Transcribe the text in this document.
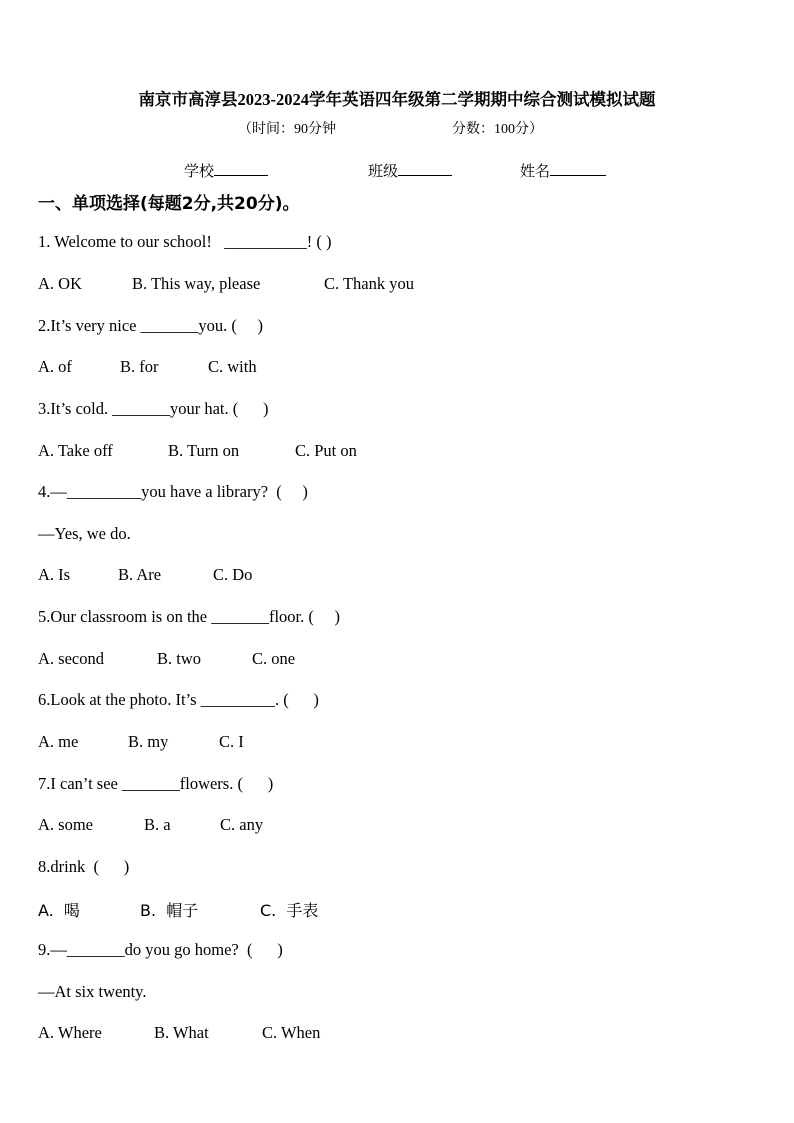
南京市高淳县2023-2024学年英语四年级第二学期期中综合测试模拟试题
（时间：90分钟	分数：100分）
学校	班级	姓名
一、单项选择(每题2分,共20分)。
1. Welcome to our school!   __________! ( )
A. OK	B. This way, please	C. Thank you
2.It’s very nice _______you. (     )
A. of	B. for	C. with
3.It’s cold. _______your hat. (      )
A. Take off	B. Turn on	C. Put on
4.—_________you have a library?  (     )
—Yes, we do.
A. Is	B. Are	C. Do
5.Our classroom is on the _______floor. (     )
A. second	B. two	C. one
6.Look at the photo. It’s _________. (      )
A. me	B. my	C. I
7.I can’t see _______flowers. (      )
A. some	B. a	C. any
8.drink  (      )
A.  喝	B.  帽子	C.  手表
9.—_______do you go home?  (      )
—At six twenty.
A. Where	B. What	C. When
